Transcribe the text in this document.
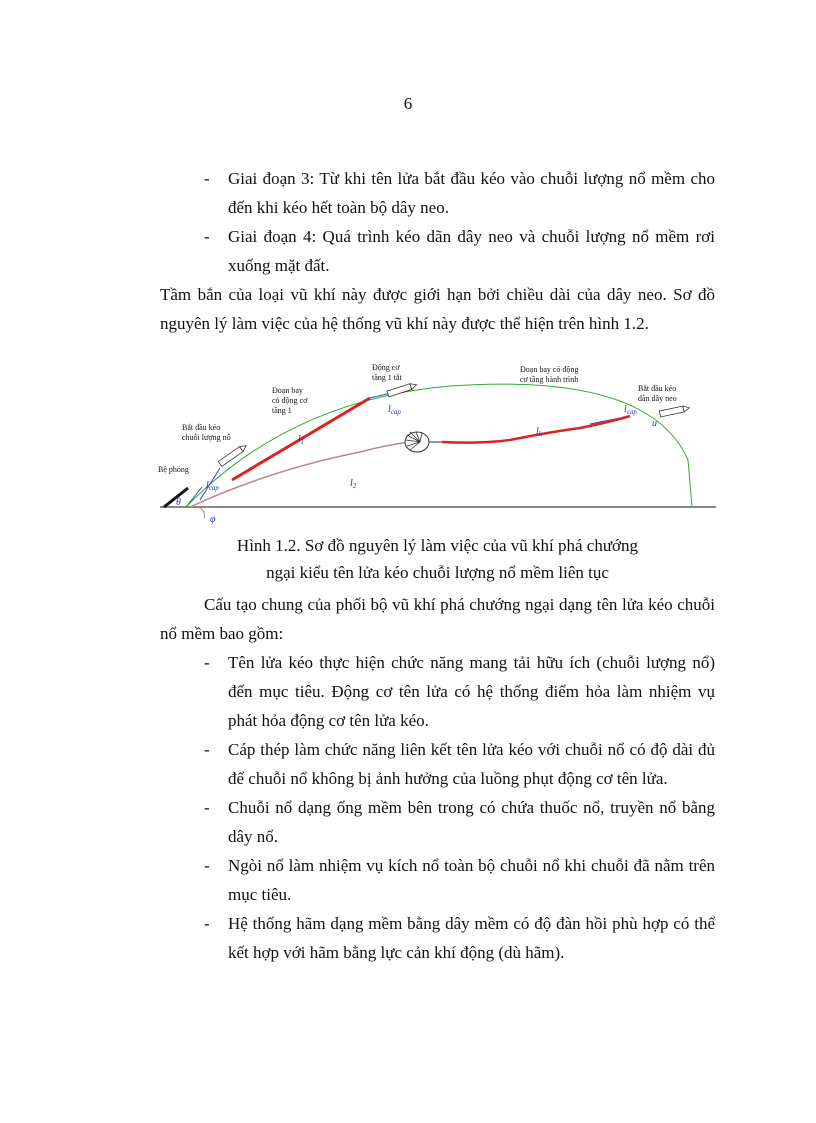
6
- Giai đoạn 3: Từ khi tên lửa bắt đầu kéo vào chuỗi lượng nổ mềm cho đến khi kéo hết toàn bộ dây neo.
- Giai đoạn 4: Quá trình kéo dãn dây neo và chuỗi lượng nổ mềm rơi xuống mặt đất.
Tầm bắn của loại vũ khí này được giới hạn bởi chiều dài của dây neo. Sơ đồ nguyên lý làm việc của hệ thống vũ khí này được thể hiện trên hình 1.2.
Bệ phóng
Bắt đầu kéo
chuỗi lượng nổ
Đoạn bay
có động cơ
tầng 1
Động cơ
tầng 1 tắt
Đoạn bay có động
cơ tầng hành trình
Bắt đầu kéo
dãn dây neo
$l_1$
$l_2$
$l_k$
$l_{cap}$
$l_{cap}$	$l_{cap}$
θ
φ
u
Hình 1.2. Sơ đồ nguyên lý làm việc của vũ khí phá chướng
ngại kiểu tên lửa kéo chuỗi lượng nổ mềm liên tục
Cấu tạo chung của phối bộ vũ khí phá chướng ngại dạng tên lửa kéo chuỗi nổ mềm bao gồm:
- Tên lửa kéo thực hiện chức năng mang tải hữu ích (chuỗi lượng nổ) đến mục tiêu. Động cơ tên lửa có hệ thống điểm hỏa làm nhiệm vụ phát hỏa động cơ tên lửa kéo.
- Cáp thép làm chức năng liên kết tên lửa kéo với chuỗi nổ có độ dài đủ để chuỗi nổ không bị ảnh hưởng của luồng phụt động cơ tên lửa.
- Chuỗi nổ dạng ống mềm bên trong có chứa thuốc nổ, truyền nổ bằng dây nổ.
- Ngòi nổ làm nhiệm vụ kích nổ toàn bộ chuỗi nổ khi chuỗi đã nằm trên mục tiêu.
- Hệ thống hãm dạng mềm bằng dây mềm có độ đàn hồi phù hợp có thể kết hợp với hãm bằng lực cản khí động (dù hãm).
